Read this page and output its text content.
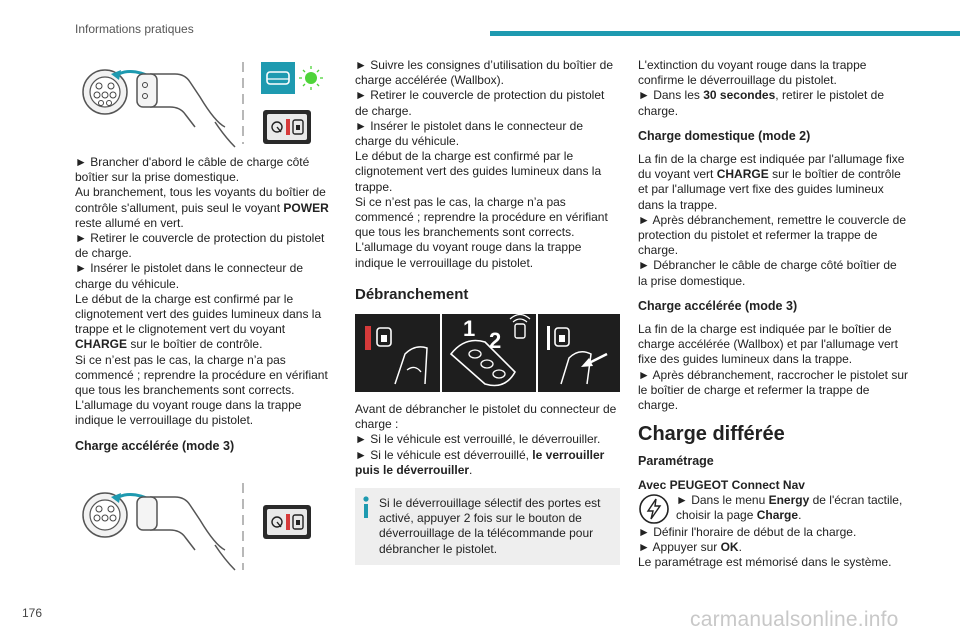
Informations pratiques

► Brancher d'abord le câble de charge côté boîtier sur la prise domestique.

Au branchement, tous les voyants du boîtier de contrôle s'allument, puis seul le voyant POWER reste allumé en vert.

► Retirer le couvercle de protection du pistolet de charge.

► Insérer le pistolet dans le connecteur de charge du véhicule.

Le début de la charge est confirmé par le clignotement vert des guides lumineux dans la trappe et le clignotement vert du voyant CHARGE sur le boîtier de contrôle.

Si ce n’est pas le cas, la charge n’a pas commencé ; reprendre la procédure en vérifiant que tous les branchements sont corrects.

L'allumage du voyant rouge dans la trappe indique le verrouillage du pistolet.

Charge accélérée (mode 3)

► Suivre les consignes d’utilisation du boîtier de charge accélérée (Wallbox).

► Retirer le couvercle de protection du pistolet de charge.

► Insérer le pistolet dans le connecteur de charge du véhicule.

Le début de la charge est confirmé par le clignotement vert des guides lumineux dans la trappe.

Si ce n’est pas le cas, la charge n’a pas commencé ; reprendre la procédure en vérifiant que tous les branchements sont corrects.

L'allumage du voyant rouge dans la trappe indique le verrouillage du pistolet.

Débranchement
1 2

Avant de débrancher le pistolet du connecteur de charge :

► Si le véhicule est verrouillé, le déverrouiller.

► Si le véhicule est déverrouillé, le verrouiller puis le déverrouiller.

Si le déverrouillage sélectif des portes est activé, appuyer 2 fois sur le bouton de déverrouillage de la télécommande pour débrancher le pistolet.

L'extinction du voyant rouge dans la trappe confirme le déverrouillage du pistolet.

► Dans les 30 secondes, retirer le pistolet de charge.

Charge domestique (mode 2)

La fin de la charge est indiquée par l'allumage fixe du voyant vert CHARGE sur le boîtier de contrôle et par l'allumage vert fixe des guides lumineux dans la trappe.

► Après débranchement, remettre le couvercle de protection du pistolet et refermer la trappe de charge.

► Débrancher le câble de charge côté boîtier de la prise domestique.

Charge accélérée (mode 3)

La fin de la charge est indiquée par le boîtier de charge accélérée (Wallbox) et par l'allumage vert fixe des guides lumineux dans la trappe.

► Après débranchement, raccrocher le pistolet sur le boîtier de charge et refermer la trappe de charge.

Charge différée
Paramétrage

Avec PEUGEOT Connect Nav

► Dans le menu Energy de l'écran tactile, choisir la page Charge.

► Définir l'horaire de début de la charge.

► Appuyer sur OK.

Le paramétrage est mémorisé dans le système.

176	carmanualsonline.info
